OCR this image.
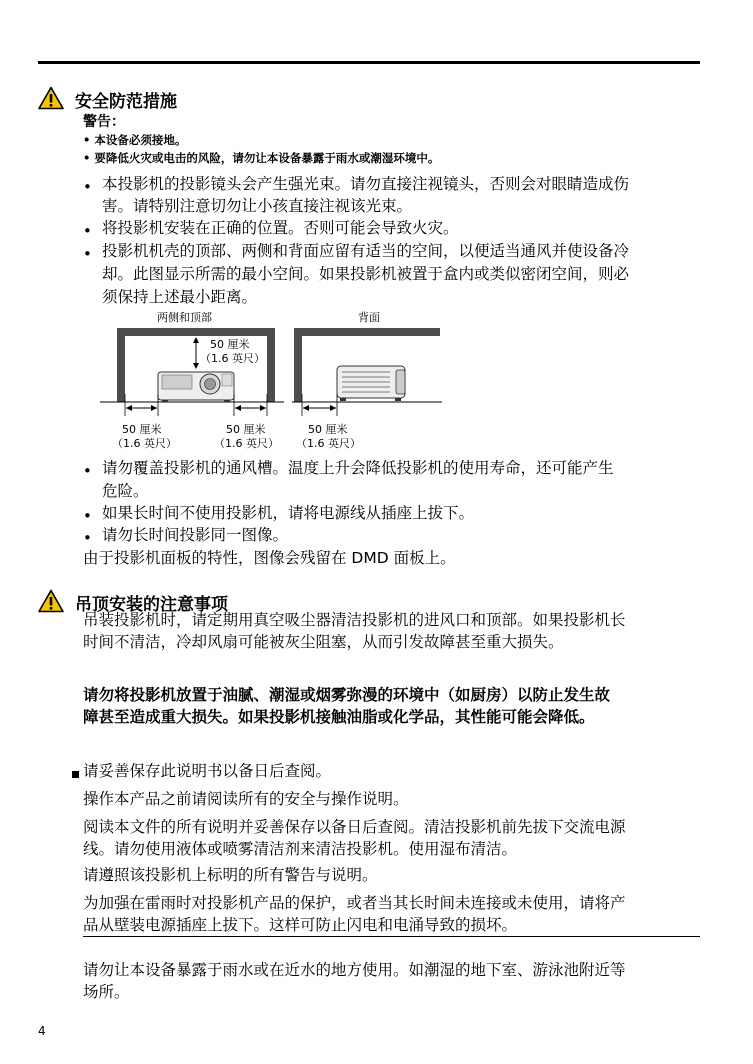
安全防范措施
警告：
• 本设备必须接地。
• 要降低火灾或电击的风险，请勿让本设备暴露于雨水或潮湿环境中。
• 本投影机的投影镜头会产生强光束。请勿直接注视镜头，否则会对眼睛造成伤
害。请特别注意切勿让小孩直接注视该光束。
• 将投影机安装在正确的位置。否则可能会导致火灾。
• 投影机机壳的顶部、两侧和背面应留有适当的空间，以便适当通风并使设备冷
却。此图显示所需的最小空间。如果投影机被置于盒内或类似密闭空间，则必
须保持上述最小距离。
两侧和顶部	背面
50 厘米
（1.6 英尺）
50 厘米
（1.6 英尺）
50 厘米
（1.6 英尺）
50 厘米
（1.6 英尺）
• 请勿覆盖投影机的通风槽。温度上升会降低投影机的使用寿命，还可能产生
危险。
• 如果长时间不使用投影机，请将电源线从插座上拔下。
• 请勿长时间投影同一图像。
由于投影机面板的特性，图像会残留在 DMD 面板上。
吊顶安装的注意事项
吊装投影机时，请定期用真空吸尘器清洁投影机的进风口和顶部。如果投影机长
时间不清洁，冷却风扇可能被灰尘阻塞，从而引发故障甚至重大损失。
请勿将投影机放置于油腻、潮湿或烟雾弥漫的环境中（如厨房）以防止发生故
障甚至造成重大损失。如果投影机接触油脂或化学品，其性能可能会降低。
请妥善保存此说明书以备日后查阅。
操作本产品之前请阅读所有的安全与操作说明。
阅读本文件的所有说明并妥善保存以备日后查阅。清洁投影机前先拔下交流电源
线。请勿使用液体或喷雾清洁剂来清洁投影机。使用湿布清洁。
请遵照该投影机上标明的所有警告与说明。
为加强在雷雨时对投影机产品的保护，或者当其长时间未连接或未使用，请将产
品从壁装电源插座上拔下。这样可防止闪电和电涌导致的损坏。
请勿让本设备暴露于雨水或在近水的地方使用。如潮湿的地下室、游泳池附近等
场所。
4
